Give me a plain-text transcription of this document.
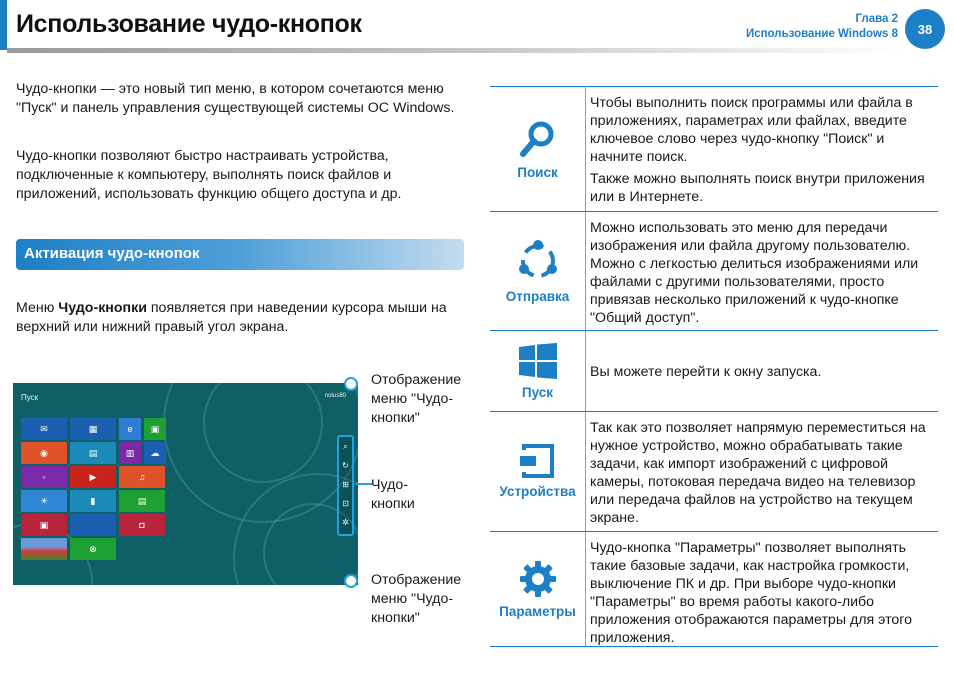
Использование чудо-кнопок	Глава 2
Использование Windows 8	38

Чудо-кнопки — это новый тип меню, в котором сочетаются меню "Пуск" и панель управления существующей системы ОС Windows.

Чудо-кнопки позволяют быстро настраивать устройства, подключенные к компьютеру, выполнять поиск файлов и приложений, использовать функцию общего доступа и др.

Активация чудо-кнопок

Меню Чудо-кнопки появляется при наведении курсора мыши на верхний или нижний правый угол экрана.

Пуск	notus80
✉	▦	e	▣
◉	▤	▥	☁
▫	▶	♫
☀	▮	▤
▣	◘
⊗
⌕
↻
⊞
⊡
✲
Отображение меню "Чудо-кнопки"
Чудо-кнопки
Отображение меню "Чудо-кнопки"
Поиск

Чтобы выполнить поиск программы или файла в приложениях, параметрах или файлах, введите ключевое слово через чудо-кнопку "Поиск" и начните поиск.

Также можно выполнять поиск внутри приложения или в Интернете.

Отправка

Можно использовать это меню для передачи изображения или файла другому пользователю. Можно с легкостью делиться изображениями или файлами с другими пользователями, просто привязав несколько приложений к чудо-кнопке "Общий доступ".

Пуск

Вы можете перейти к окну запуска.

Устройства

Так как это позволяет напрямую переместиться на нужное устройство, можно обрабатывать такие задачи, как импорт изображений с цифровой камеры, потоковая передача видео на телевизор или передача файлов на устройство на текущем экране.

Параметры

Чудо-кнопка "Параметры" позволяет выполнять такие базовые задачи, как настройка громкости, выключение ПК и др. При выборе чудо-кнопки "Параметры" во время работы какого-либо приложения отображаются параметры для этого приложения.
